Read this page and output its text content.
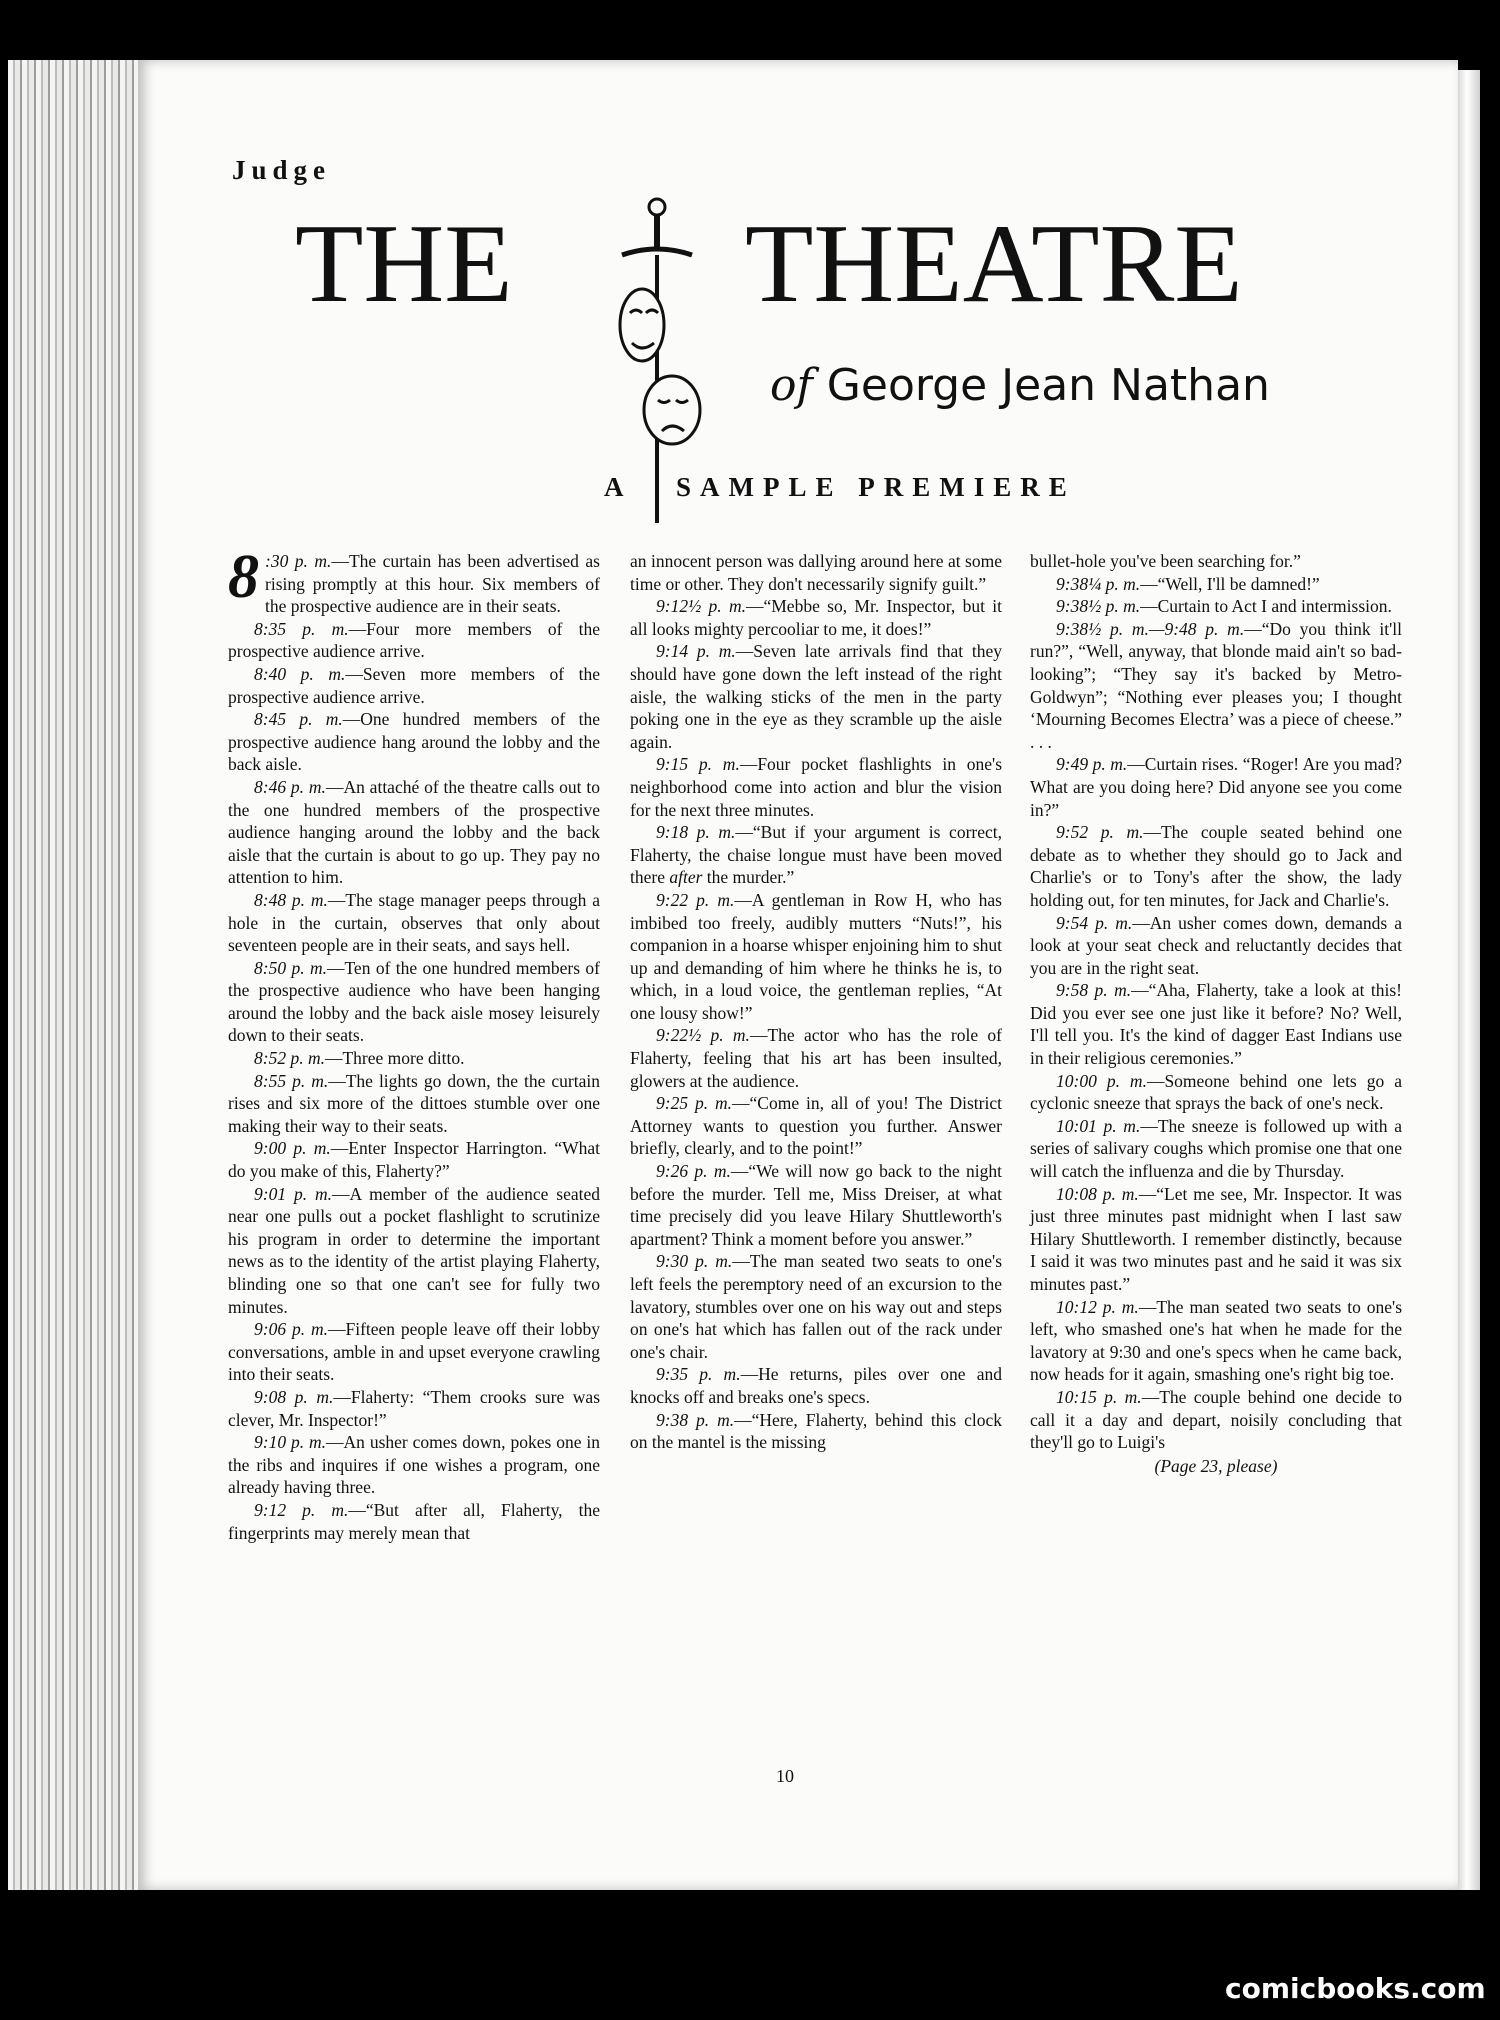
Judge
THE THEATRE
of George Jean Nathan
A SAMPLE PREMIERE

8 :30 p. m.—The curtain has been advertised as rising promptly at this hour. Six members of the prospective audience are in their seats.

8:35 p. m.—Four more members of the prospective audience arrive.

8:40 p. m.—Seven more members of the prospective audience arrive.

8:45 p. m.—One hundred members of the prospective audience hang around the lobby and the back aisle.

8:46 p. m.—An attaché of the theatre calls out to the one hundred members of the prospective audience hanging around the lobby and the back aisle that the curtain is about to go up. They pay no attention to him.

8:48 p. m.—The stage manager peeps through a hole in the curtain, observes that only about seventeen people are in their seats, and says hell.

8:50 p. m.—Ten of the one hundred members of the prospective audience who have been hanging around the lobby and the back aisle mosey leisurely down to their seats.

8:52 p. m.—Three more ditto.

8:55 p. m.—The lights go down, the the curtain rises and six more of the dittoes stumble over one making their way to their seats.

9:00 p. m.—Enter Inspector Harrington. “What do you make of this, Flaherty?”

9:01 p. m.—A member of the audience seated near one pulls out a pocket flashlight to scrutinize his program in order to determine the important news as to the identity of the artist playing Flaherty, blinding one so that one can't see for fully two minutes.

9:06 p. m.—Fifteen people leave off their lobby conversations, amble in and upset everyone crawling into their seats.

9:08 p. m.—Flaherty: “Them crooks sure was clever, Mr. Inspector!”

9:10 p. m.—An usher comes down, pokes one in the ribs and inquires if one wishes a program, one already having three.

9:12 p. m.—“But after all, Flaherty, the fingerprints may merely mean that

an innocent person was dallying around here at some time or other. They don't necessarily signify guilt.”

9:12½ p. m.—“Mebbe so, Mr. Inspector, but it all looks mighty percooliar to me, it does!”

9:14 p. m.—Seven late arrivals find that they should have gone down the left instead of the right aisle, the walking sticks of the men in the party poking one in the eye as they scramble up the aisle again.

9:15 p. m.—Four pocket flashlights in one's neighborhood come into action and blur the vision for the next three minutes.

9:18 p. m.—“But if your argument is correct, Flaherty, the chaise longue must have been moved there after the murder.”

9:22 p. m.—A gentleman in Row H, who has imbibed too freely, audibly mutters “Nuts!”, his companion in a hoarse whisper enjoining him to shut up and demanding of him where he thinks he is, to which, in a loud voice, the gentleman replies, “At one lousy show!”

9:22½ p. m.—The actor who has the role of Flaherty, feeling that his art has been insulted, glowers at the audience.

9:25 p. m.—“Come in, all of you! The District Attorney wants to question you further. Answer briefly, clearly, and to the point!”

9:26 p. m.—“We will now go back to the night before the murder. Tell me, Miss Dreiser, at what time precisely did you leave Hilary Shuttleworth's apartment? Think a moment before you answer.”

9:30 p. m.—The man seated two seats to one's left feels the peremptory need of an excursion to the lavatory, stumbles over one on his way out and steps on one's hat which has fallen out of the rack under one's chair.

9:35 p. m.—He returns, piles over one and knocks off and breaks one's specs.

9:38 p. m.—“Here, Flaherty, behind this clock on the mantel is the missing

bullet-hole you've been searching for.”

9:38¼ p. m.—“Well, I'll be damned!”

9:38½ p. m.—Curtain to Act I and intermission.

9:38½ p. m.—9:48 p. m.—“Do you think it'll run?”, “Well, anyway, that blonde maid ain't so bad-looking”; “They say it's backed by Metro-Goldwyn”; “Nothing ever pleases you; I thought ‘Mourning Becomes Electra’ was a piece of cheese.” . . .

9:49 p. m.—Curtain rises. “Roger! Are you mad? What are you doing here? Did anyone see you come in?”

9:52 p. m.—The couple seated behind one debate as to whether they should go to Jack and Charlie's or to Tony's after the show, the lady holding out, for ten minutes, for Jack and Charlie's.

9:54 p. m.—An usher comes down, demands a look at your seat check and reluctantly decides that you are in the right seat.

9:58 p. m.—“Aha, Flaherty, take a look at this! Did you ever see one just like it before? No? Well, I'll tell you. It's the kind of dagger East Indians use in their religious ceremonies.”

10:00 p. m.—Someone behind one lets go a cyclonic sneeze that sprays the back of one's neck.

10:01 p. m.—The sneeze is followed up with a series of salivary coughs which promise one that one will catch the influenza and die by Thursday.

10:08 p. m.—“Let me see, Mr. Inspector. It was just three minutes past midnight when I last saw Hilary Shuttleworth. I remember distinctly, because I said it was two minutes past and he said it was six minutes past.”

10:12 p. m.—The man seated two seats to one's left, who smashed one's hat when he made for the lavatory at 9:30 and one's specs when he came back, now heads for it again, smashing one's right big toe.

10:15 p. m.—The couple behind one decide to call it a day and depart, noisily concluding that they'll go to Luigi's

(Page 23, please)
10
comicbooks.com
